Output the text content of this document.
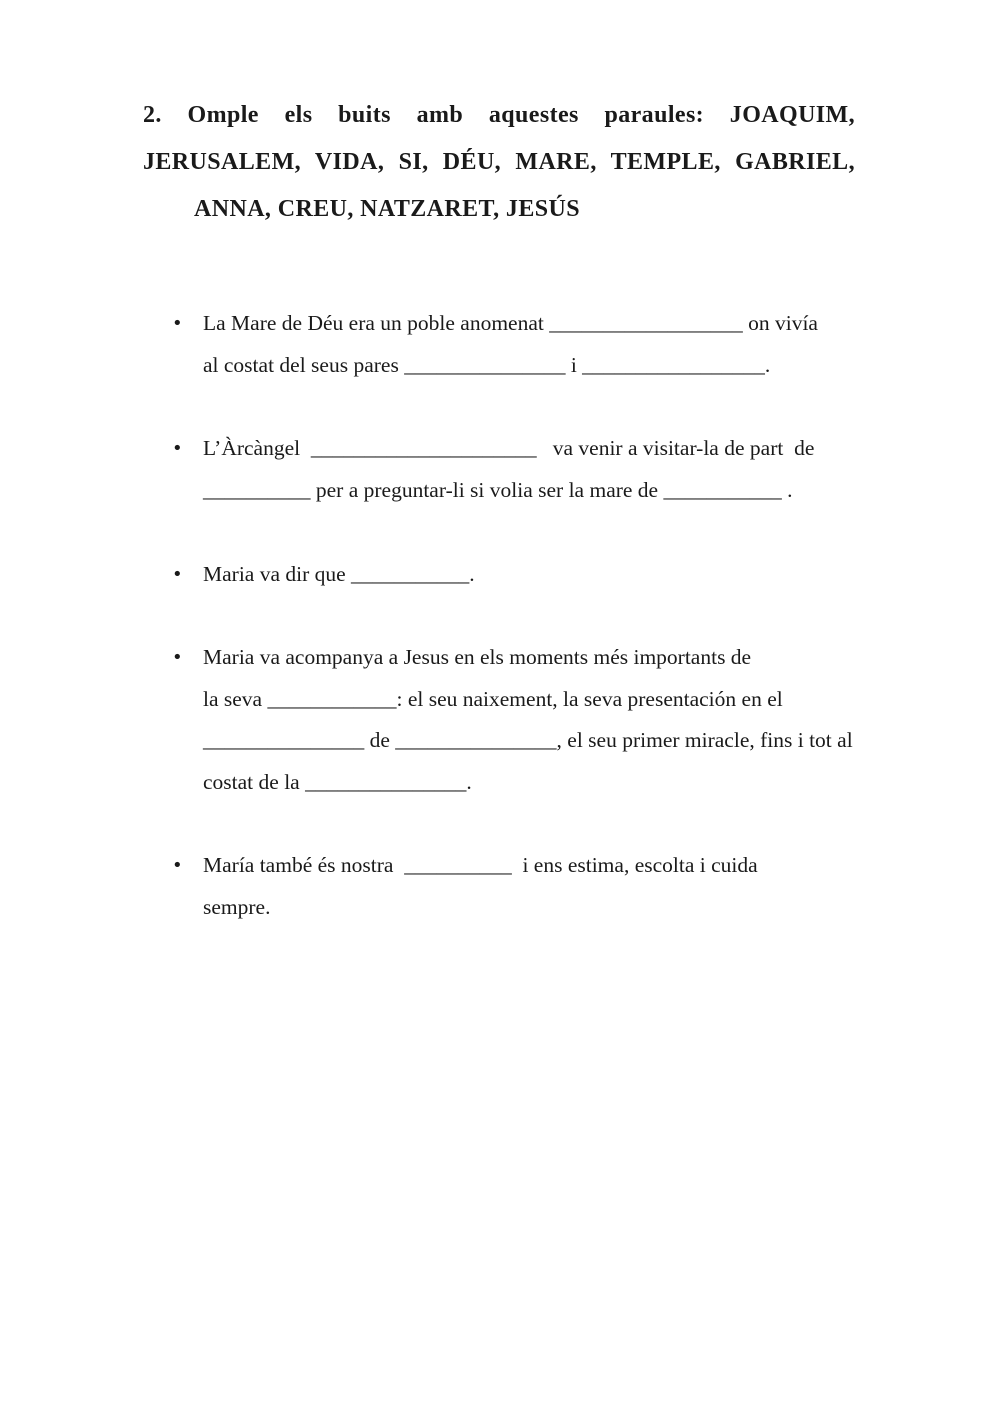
2. Omple els buits amb aquestes paraules: JOAQUIM,
JERUSALEM, VIDA, SI, DÉU, MARE, TEMPLE, GABRIEL,
ANNA, CREU, NATZARET, JESÚS
• La Mare de Déu era un poble anomenat __________________ on vivía
al costat del seus pares _______________ i _________________.
• L’Àrcàngel  _____________________   va venir a visitar-la de part  de
__________ per a preguntar-li si volia ser la mare de ___________ .
• Maria va dir que ___________.
• Maria va acompanya a Jesus en els moments més importants de
la seva ____________: el seu naixement, la seva presentación en el
_______________ de _______________, el seu primer miracle, fins i tot al
costat de la _______________.
• María també és nostra  __________  i ens estima, escolta i cuida
sempre.
